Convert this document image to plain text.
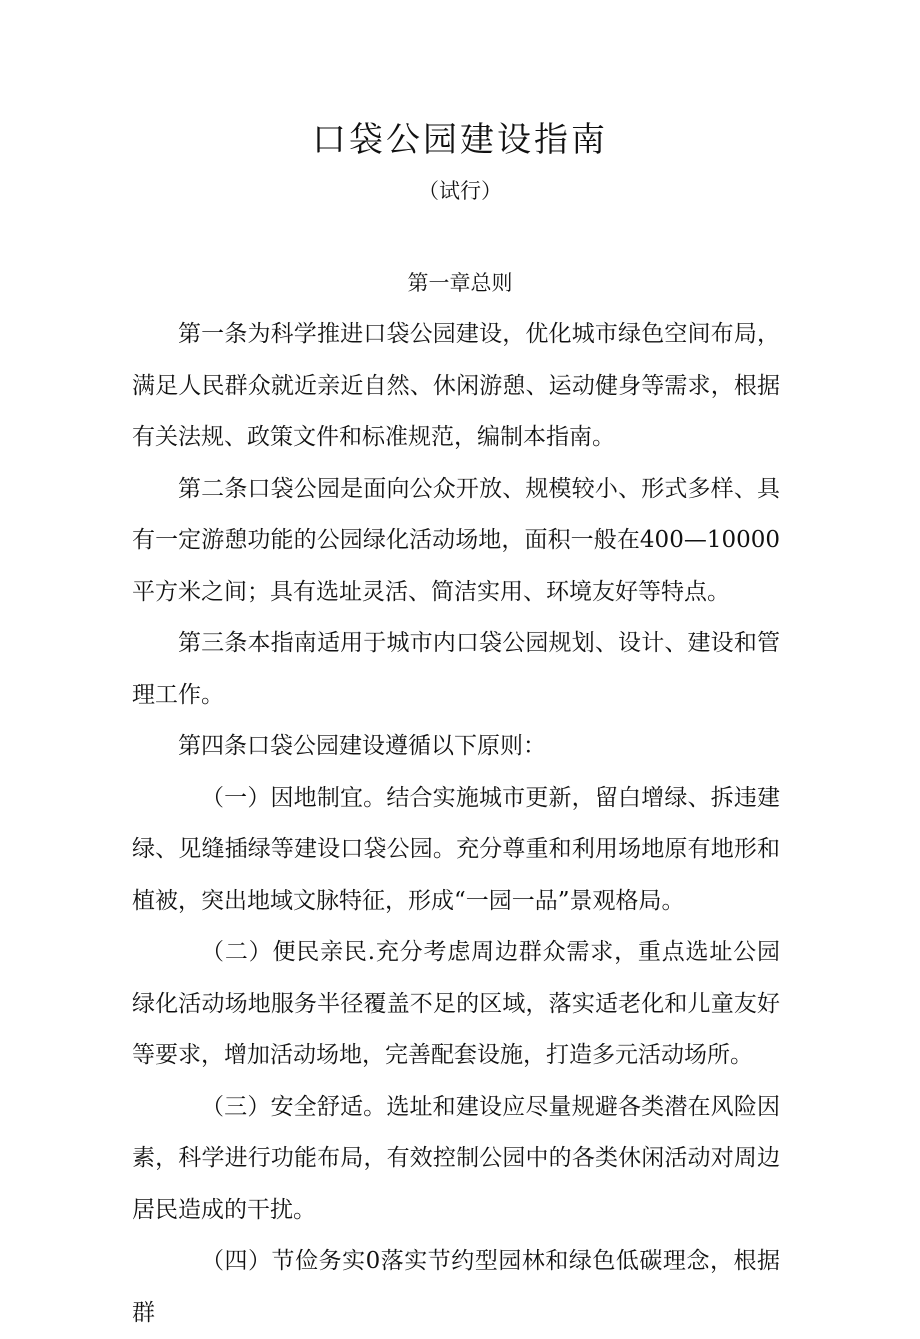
口袋公园建设指南
（试行）
第一章总则

第一条为科学推进口袋公园建设，优化城市绿色空间布局，满足人民群众就近亲近自然、休闲游憩、运动健身等需求，根据有关法规、政策文件和标准规范，编制本指南。

第二条口袋公园是面向公众开放、规模较小、形式多样、具有一定游憩功能的公园绿化活动场地，面积一般在400—10000平方米之间；具有选址灵活、简洁实用、环境友好等特点。

第三条本指南适用于城市内口袋公园规划、设计、建设和管理工作。

第四条口袋公园建设遵循以下原则：

（一）因地制宜。结合实施城市更新，留白增绿、拆违建绿、见缝插绿等建设口袋公园。充分尊重和利用场地原有地形和植被，突出地域文脉特征，形成“一园一品”景观格局。

（二）便民亲民.充分考虑周边群众需求，重点选址公园绿化活动场地服务半径覆盖不足的区域，落实适老化和儿童友好等要求，增加活动场地，完善配套设施，打造多元活动场所。

（三）安全舒适。选址和建设应尽量规避各类潜在风险因素，科学进行功能布局，有效控制公园中的各类休闲活动对周边居民造成的干扰。

（四）节俭务实0落实节约型园林和绿色低碳理念，根据群
